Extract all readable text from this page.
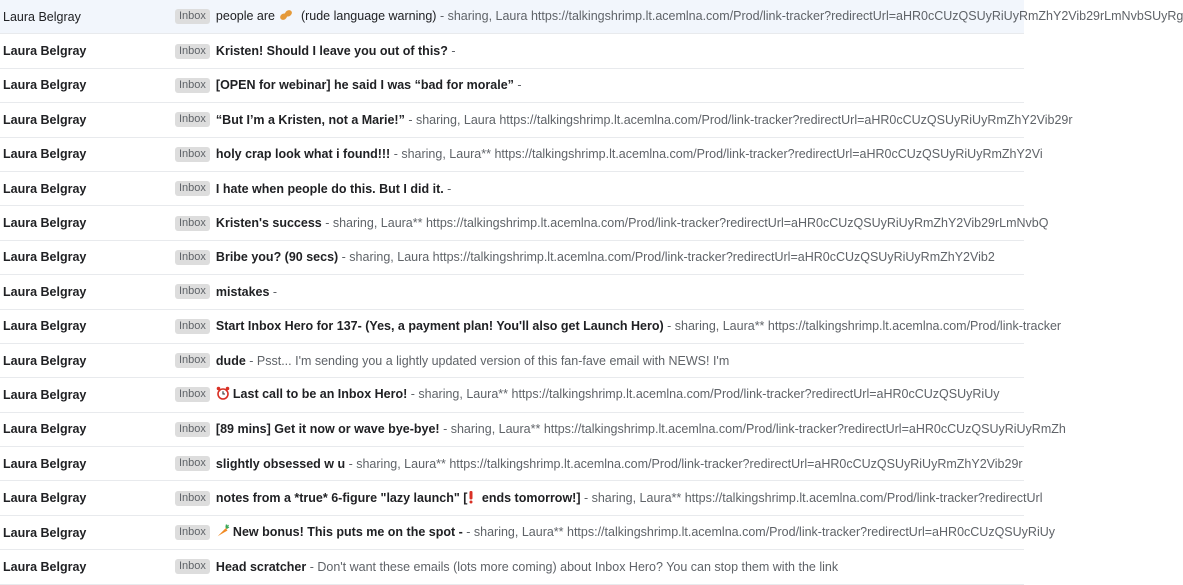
Laura Belgray	Inbox people are  (rude language warning) - sharing, Laura https://talkingshrimp.lt.acemlna.com/Prod/link-tracker?redirectUrl=aHR0cCUzQSUyRiUyRmZhY2Vib29rLmNvbSUyRg
Laura Belgray	Inbox Kristen! Should I leave you out of this? -
Laura Belgray	Inbox [OPEN for webinar] he said I was “bad for morale” -
Laura Belgray	Inbox “But I’m a Kristen, not a Marie!” - sharing, Laura https://talkingshrimp.lt.acemlna.com/Prod/link-tracker?redirectUrl=aHR0cCUzQSUyRiUyRmZhY2Vib29r
Laura Belgray	Inbox holy crap look what i found!!! - sharing, Laura** https://talkingshrimp.lt.acemlna.com/Prod/link-tracker?redirectUrl=aHR0cCUzQSUyRiUyRmZhY2Vi
Laura Belgray	Inbox I hate when people do this. But I did it. -
Laura Belgray	Inbox Kristen's success - sharing, Laura** https://talkingshrimp.lt.acemlna.com/Prod/link-tracker?redirectUrl=aHR0cCUzQSUyRiUyRmZhY2Vib29rLmNvbQ
Laura Belgray	Inbox Bribe you? (90 secs) - sharing, Laura https://talkingshrimp.lt.acemlna.com/Prod/link-tracker?redirectUrl=aHR0cCUzQSUyRiUyRmZhY2Vib2
Laura Belgray	Inbox mistakes -
Laura Belgray	Inbox Start Inbox Hero for 137- (Yes, a payment plan! You'll also get Launch Hero) - sharing, Laura** https://talkingshrimp.lt.acemlna.com/Prod/link-tracker
Laura Belgray	Inbox dude - Psst... I'm sending you a lightly updated version of this fan-fave email with NEWS! I'm
Laura Belgray	Inbox	Last call to be an Inbox Hero! - sharing, Laura** https://talkingshrimp.lt.acemlna.com/Prod/link-tracker?redirectUrl=aHR0cCUzQSUyRiUy
Laura Belgray	Inbox [89 mins] Get it now or wave bye-bye! - sharing, Laura** https://talkingshrimp.lt.acemlna.com/Prod/link-tracker?redirectUrl=aHR0cCUzQSUyRiUyRmZh
Laura Belgray	Inbox slightly obsessed w u - sharing, Laura** https://talkingshrimp.lt.acemlna.com/Prod/link-tracker?redirectUrl=aHR0cCUzQSUyRiUyRmZhY2Vib29r
Laura Belgray	Inbox notes from a *true* 6-figure "lazy launch" [ ends tomorrow!] - sharing, Laura** https://talkingshrimp.lt.acemlna.com/Prod/link-tracker?redirectUrl
Laura Belgray	Inbox	New bonus! This puts me on the spot - - sharing, Laura** https://talkingshrimp.lt.acemlna.com/Prod/link-tracker?redirectUrl=aHR0cCUzQSUyRiUy
Laura Belgray	Inbox Head scratcher - Don't want these emails (lots more coming) about Inbox Hero? You can stop them with the link
